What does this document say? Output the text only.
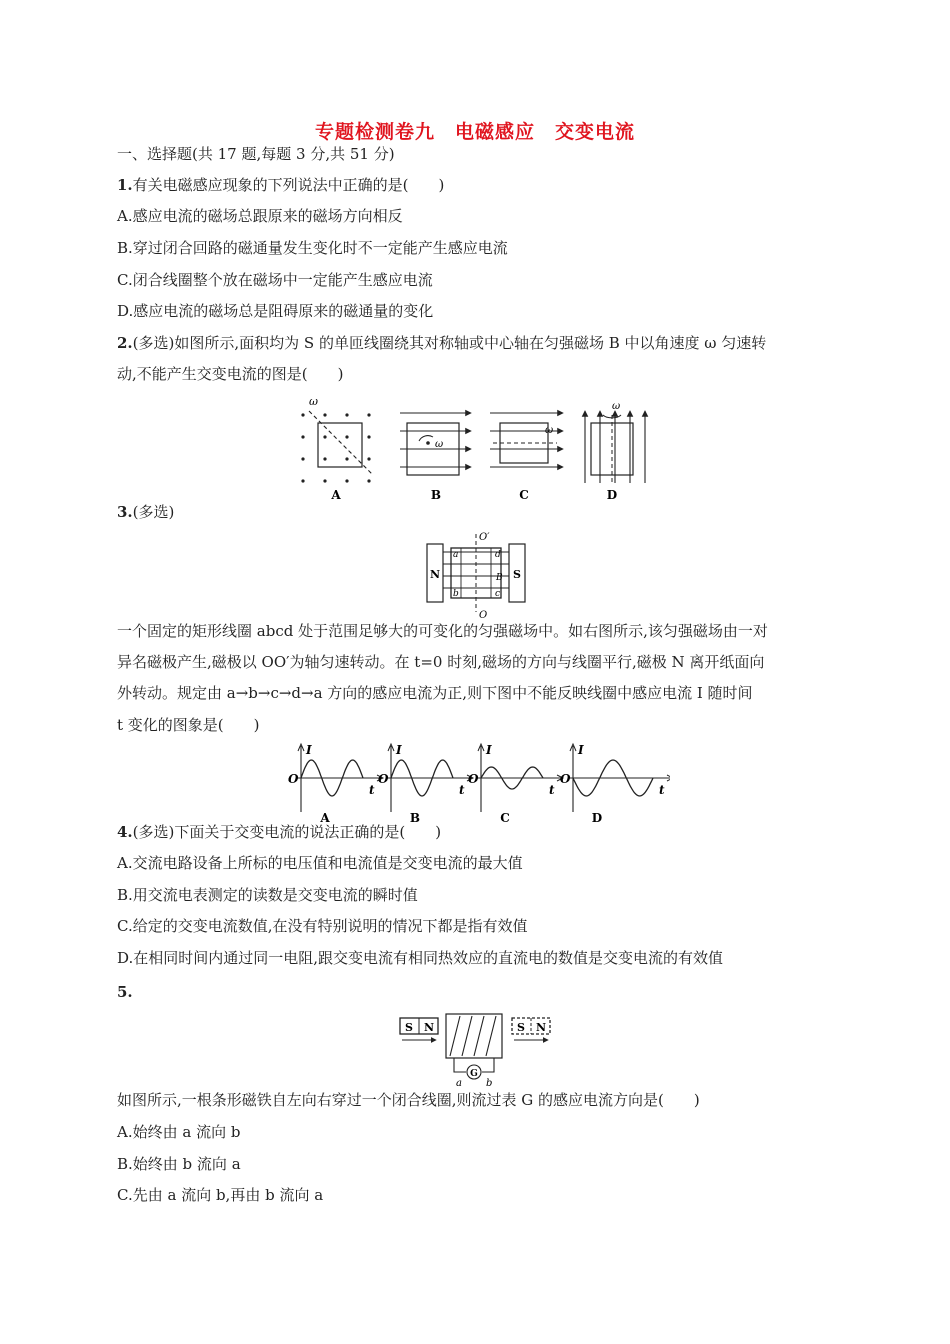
专题检测卷九　电磁感应　交变电流
一、选择题(共 17 题,每题 3 分,共 51 分)
1.有关电磁感应现象的下列说法中正确的是(　　)
A.感应电流的磁场总跟原来的磁场方向相反
B.穿过闭合回路的磁通量发生变化时不一定能产生感应电流
C.闭合线圈整个放在磁场中一定能产生感应电流
D.感应电流的磁场总是阻碍原来的磁通量的变化
2.(多选)如图所示,面积均为 S 的单匝线圈绕其对称轴或中心轴在匀强磁场 B 中以角速度 ω 匀速转
动,不能产生交变电流的图是(　　)
ω
A
ω
B
ω
C
ω
D
3.(多选)
N	S
O′
O
a
b	c
d
B
一个固定的矩形线圈 abcd 处于范围足够大的可变化的匀强磁场中。如右图所示,该匀强磁场由一对
异名磁极产生,磁极以 OO′为轴匀速转动。在 t=0 时刻,磁场的方向与线圈平行,磁极 N 离开纸面向
外转动。规定由 a→b→c→d→a 方向的感应电流为正,则下图中不能反映线圈中感应电流 I 随时间
t 变化的图象是(　　)
I
O
t
A
I
O
t
B
I
O
t
C
I
O
t
D
4.(多选)下面关于交变电流的说法正确的是(　　)
A.交流电路设备上所标的电压值和电流值是交变电流的最大值
B.用交流电表测定的读数是交变电流的瞬时值
C.给定的交变电流数值,在没有特别说明的情况下都是指有效值
D.在相同时间内通过同一电阻,跟交变电流有相同热效应的直流电的数值是交变电流的有效值
5.
S N
G
a b
S N
如图所示,一根条形磁铁自左向右穿过一个闭合线圈,则流过表 G 的感应电流方向是(　　)
A.始终由 a 流向 b
B.始终由 b 流向 a
C.先由 a 流向 b,再由 b 流向 a
